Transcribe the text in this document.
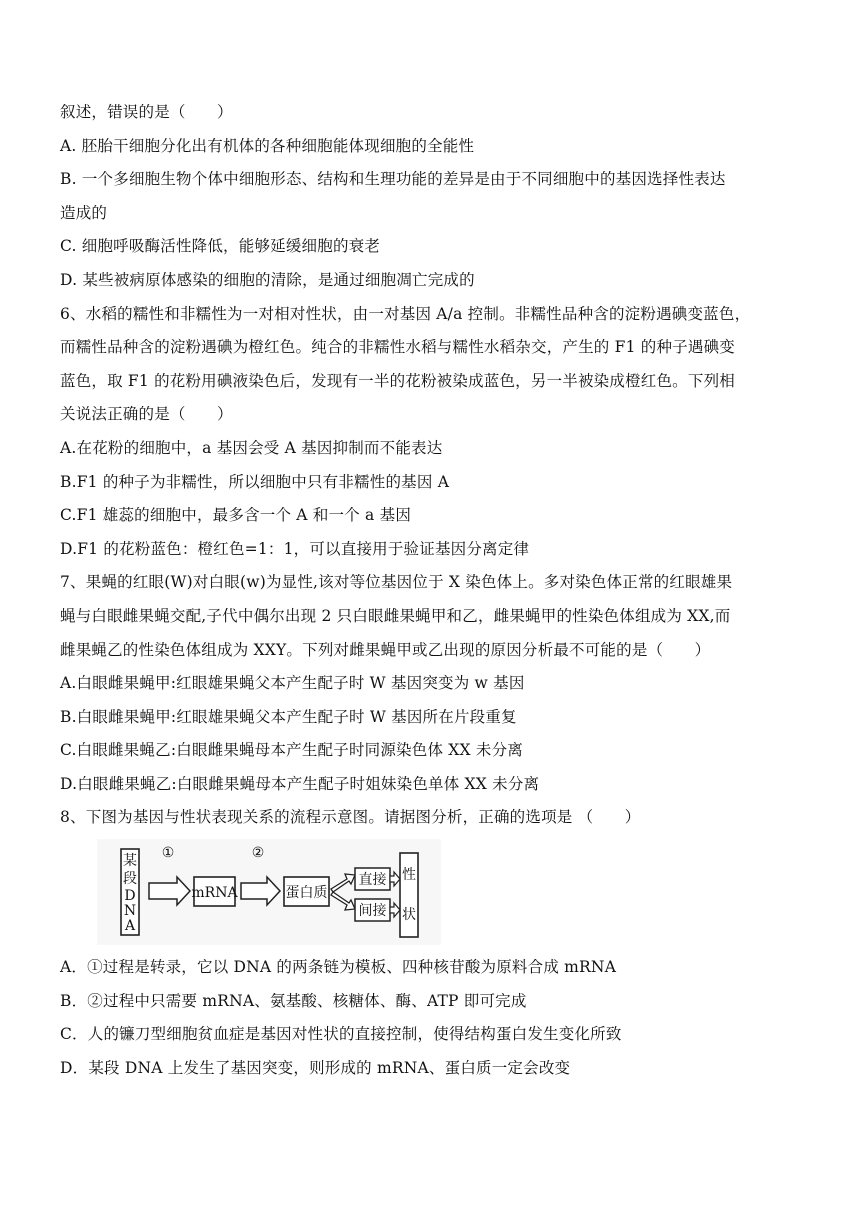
叙述，错误的是（　　）
A. 胚胎干细胞分化出有机体的各种细胞能体现细胞的全能性
B. 一个多细胞生物个体中细胞形态、结构和生理功能的差异是由于不同细胞中的基因选择性表达
造成的
C. 细胞呼吸酶活性降低，能够延缓细胞的衰老
D. 某些被病原体感染的细胞的清除，是通过细胞凋亡完成的
6、水稻的糯性和非糯性为一对相对性状，由一对基因 A/a 控制。非糯性品种含的淀粉遇碘变蓝色，
而糯性品种含的淀粉遇碘为橙红色。纯合的非糯性水稻与糯性水稻杂交，产生的 F1 的种子遇碘变
蓝色，取 F1 的花粉用碘液染色后，发现有一半的花粉被染成蓝色，另一半被染成橙红色。下列相
关说法正确的是（　　）
A.在花粉的细胞中，a 基因会受 A 基因抑制而不能表达
B.F1 的种子为非糯性，所以细胞中只有非糯性的基因 A
C.F1 雄蕊的细胞中，最多含一个 A 和一个 a 基因
D.F1 的花粉蓝色：橙红色=1：1，可以直接用于验证基因分离定律
7、果蝇的红眼(W)对白眼(w)为显性,该对等位基因位于 X 染色体上。多对染色体正常的红眼雄果
蝇与白眼雌果蝇交配,子代中偶尔出现 2 只白眼雌果蝇甲和乙，雌果蝇甲的性染色体组成为 XX,而
雌果蝇乙的性染色体组成为 XXY。下列对雌果蝇甲或乙出现的原因分析最不可能的是（　　）
A.白眼雌果蝇甲:红眼雄果蝇父本产生配子时 W 基因突变为 w 基因
B.白眼雌果蝇甲:红眼雄果蝇父本产生配子时 W 基因所在片段重复
C.白眼雌果蝇乙:白眼雌果蝇母本产生配子时同源染色体 XX 未分离
D.白眼雌果蝇乙:白眼雌果蝇母本产生配子时姐妹染色单体 XX 未分离
8、下图为基因与性状表现关系的流程示意图。请据图分析，正确的选项是 （　　）
某
段
D
N
A
①
mRNA
②
蛋白质
直接
间接
性
状
A．①过程是转录，它以 DNA 的两条链为模板、四种核苷酸为原料合成 mRNA
B．②过程中只需要 mRNA、氨基酸、核糖体、酶、ATP 即可完成
C．人的镰刀型细胞贫血症是基因对性状的直接控制，使得结构蛋白发生变化所致
D．某段 DNA 上发生了基因突变，则形成的 mRNA、蛋白质一定会改变
